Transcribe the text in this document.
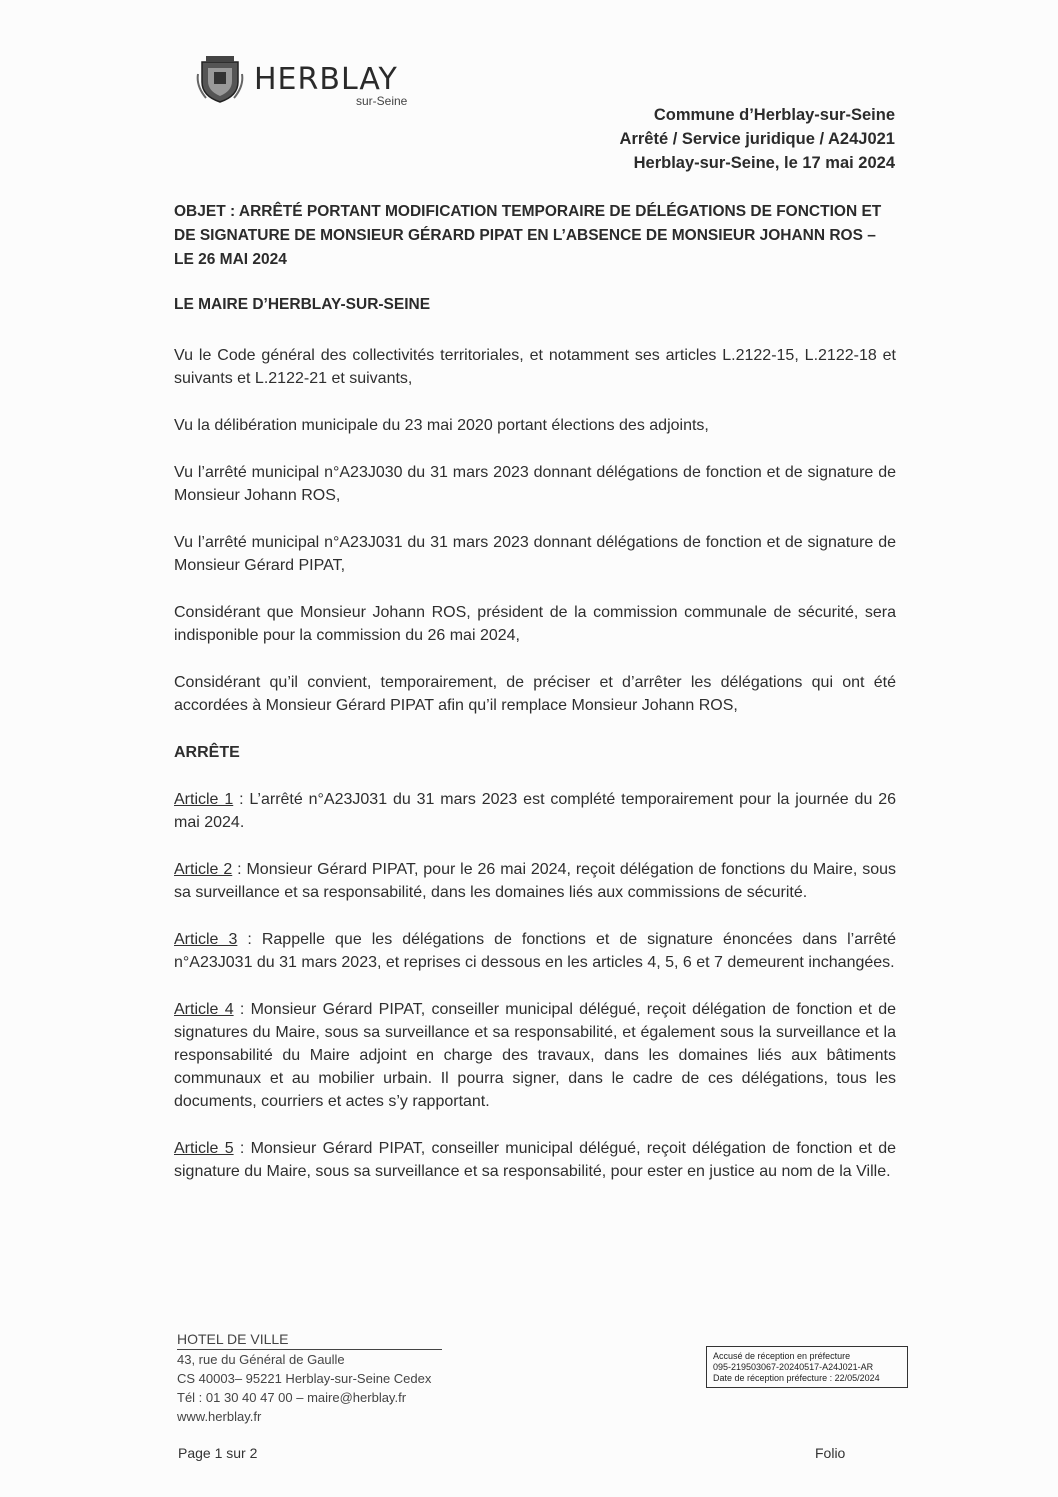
HERBLAY
sur-Seine
Commune d’Herblay-sur-Seine
Arrêté / Service juridique / A24J021
Herblay-sur-Seine, le 17 mai 2024
OBJET : ARRÊTÉ PORTANT MODIFICATION TEMPORAIRE DE DÉLÉGATIONS DE FONCTION ET DE SIGNATURE DE MONSIEUR GÉRARD PIPAT EN L’ABSENCE DE MONSIEUR JOHANN ROS – LE 26 MAI 2024
LE MAIRE D’HERBLAY-SUR-SEINE

Vu le Code général des collectivités territoriales, et notamment ses articles L.2122-15, L.2122-18 et suivants et L.2122-21 et suivants,

Vu la délibération municipale du 23 mai 2020 portant élections des adjoints,

Vu l’arrêté municipal n°A23J030 du 31 mars 2023 donnant délégations de fonction et de signature de Monsieur Johann ROS,

Vu l’arrêté municipal n°A23J031 du 31 mars 2023 donnant délégations de fonction et de signature de Monsieur Gérard PIPAT,

Considérant que Monsieur Johann ROS, président de la commission communale de sécurité, sera indisponible pour la commission du 26 mai 2024,

Considérant qu’il convient, temporairement, de préciser et d’arrêter les délégations qui ont été accordées à Monsieur Gérard PIPAT afin qu’il remplace Monsieur Johann ROS,

ARRÊTE

Article 1 : L’arrêté n°A23J031 du 31 mars 2023 est complété temporairement pour la journée du 26 mai 2024.

Article 2 : Monsieur Gérard PIPAT, pour le 26 mai 2024, reçoit délégation de fonctions du Maire, sous sa surveillance et sa responsabilité, dans les domaines liés aux commissions de sécurité.

Article 3 : Rappelle que les délégations de fonctions et de signature énoncées dans l’arrêté n°A23J031 du 31 mars 2023, et reprises ci dessous en les articles 4, 5, 6 et 7 demeurent inchangées.

Article 4 : Monsieur Gérard PIPAT, conseiller municipal délégué, reçoit délégation de fonction et de signatures du Maire, sous sa surveillance et sa responsabilité, et également sous la surveillance et la responsabilité du Maire adjoint en charge des travaux, dans les domaines liés aux bâtiments communaux et au mobilier urbain. Il pourra signer, dans le cadre de ces délégations, tous les documents, courriers et actes s’y rapportant.

Article 5 : Monsieur Gérard PIPAT, conseiller municipal délégué, reçoit délégation de fonction et de signature du Maire, sous sa surveillance et sa responsabilité, pour ester en justice au nom de la Ville.

HOTEL DE VILLE
43, rue du Général de Gaulle
CS 40003– 95221 Herblay-sur-Seine Cedex
Tél : 01 30 40 47 00 – maire@herblay.fr
www.herblay.fr
Accusé de réception en préfecture
095-219503067-20240517-A24J021-AR
Date de réception préfecture : 22/05/2024
Page 1 sur 2	Folio
